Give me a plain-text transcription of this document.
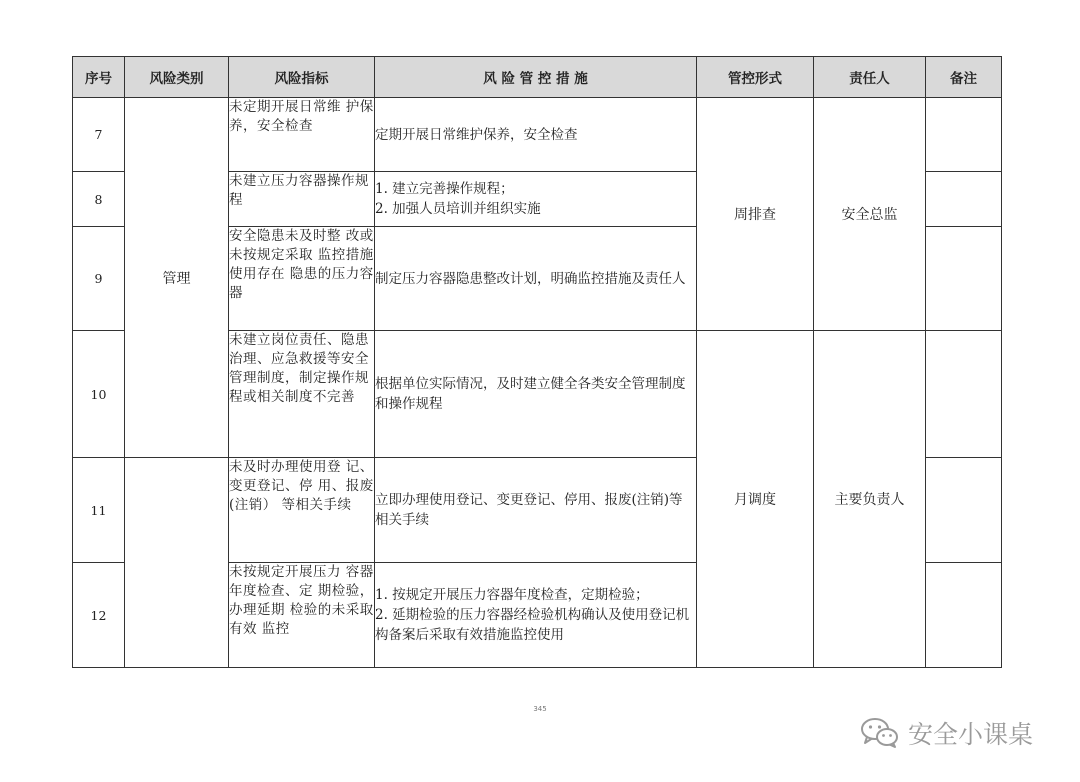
序号	风险类别	风险指标	风 险 管 控 措 施	管控形式	责任人	备注
7	管理	未定期开展日常维 护保养，安全检查	定期开展日常维护保养，安全检查	周排查	安全总监	
8		未建立压力容器操作规程	1. 建立完善操作规程；
2. 加强人员培训并组织实施			

9		安全隐患未及时整 改或未按规定采取 监控措施使用存在 隐患的压力容器	制定压力容器隐患整改计划，明确监控措施及责任人			

10		未建立岗位责任、隐患治理、应急救援等安全管理制度，制定操作规程或相关制度不完善	根据单位实际情况，及时建立健全各类安全管理制度和操作规程	月调度	主要负责人	
11		未及时办理使用登 记、变更登记、停 用、报废(注销） 等相关手续	立即办理使用登记、变更登记、停用、报废(注销)等相关手续			

12		未按规定开展压力 容器年度检查、定 期检验，办理延期 检验的未采取有效 监控	1. 按规定开展压力容器年度检查，定期检验；
2. 延期检验的压力容器经检验机构确认及使用登记机构备案后采取有效措施监控使用			

345
安全小课桌
